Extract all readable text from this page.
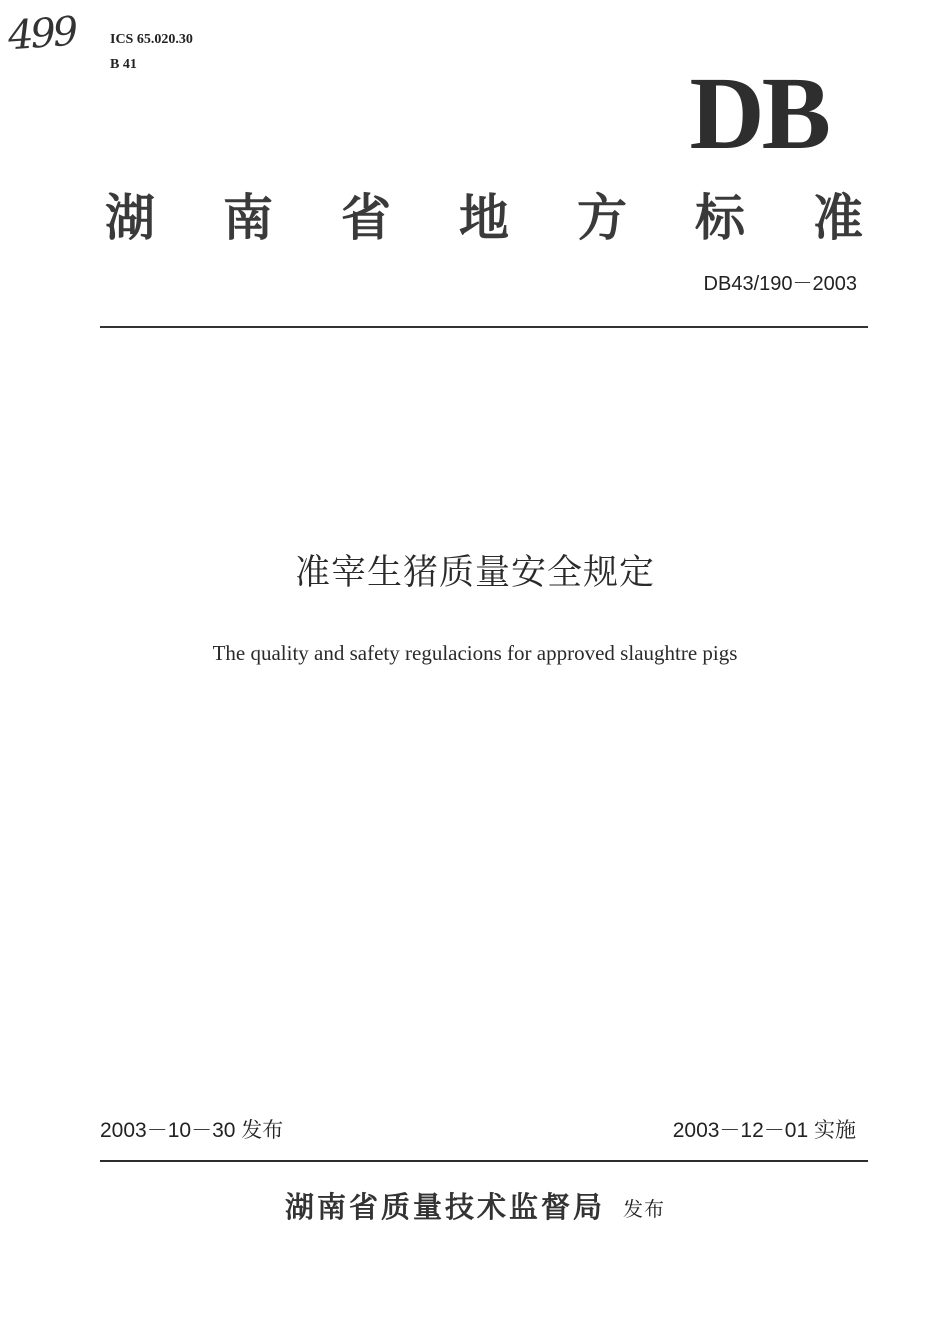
499 ICS 65.020.30
B 41	DB
湖 南 省 地 方 标 准
DB43/190－2003
准宰生猪质量安全规定
The quality and safety regulacions for approved slaughtre pigs
2003－10－30 发布	2003－12－01 实施
湖南省质量技术监督局 发布
